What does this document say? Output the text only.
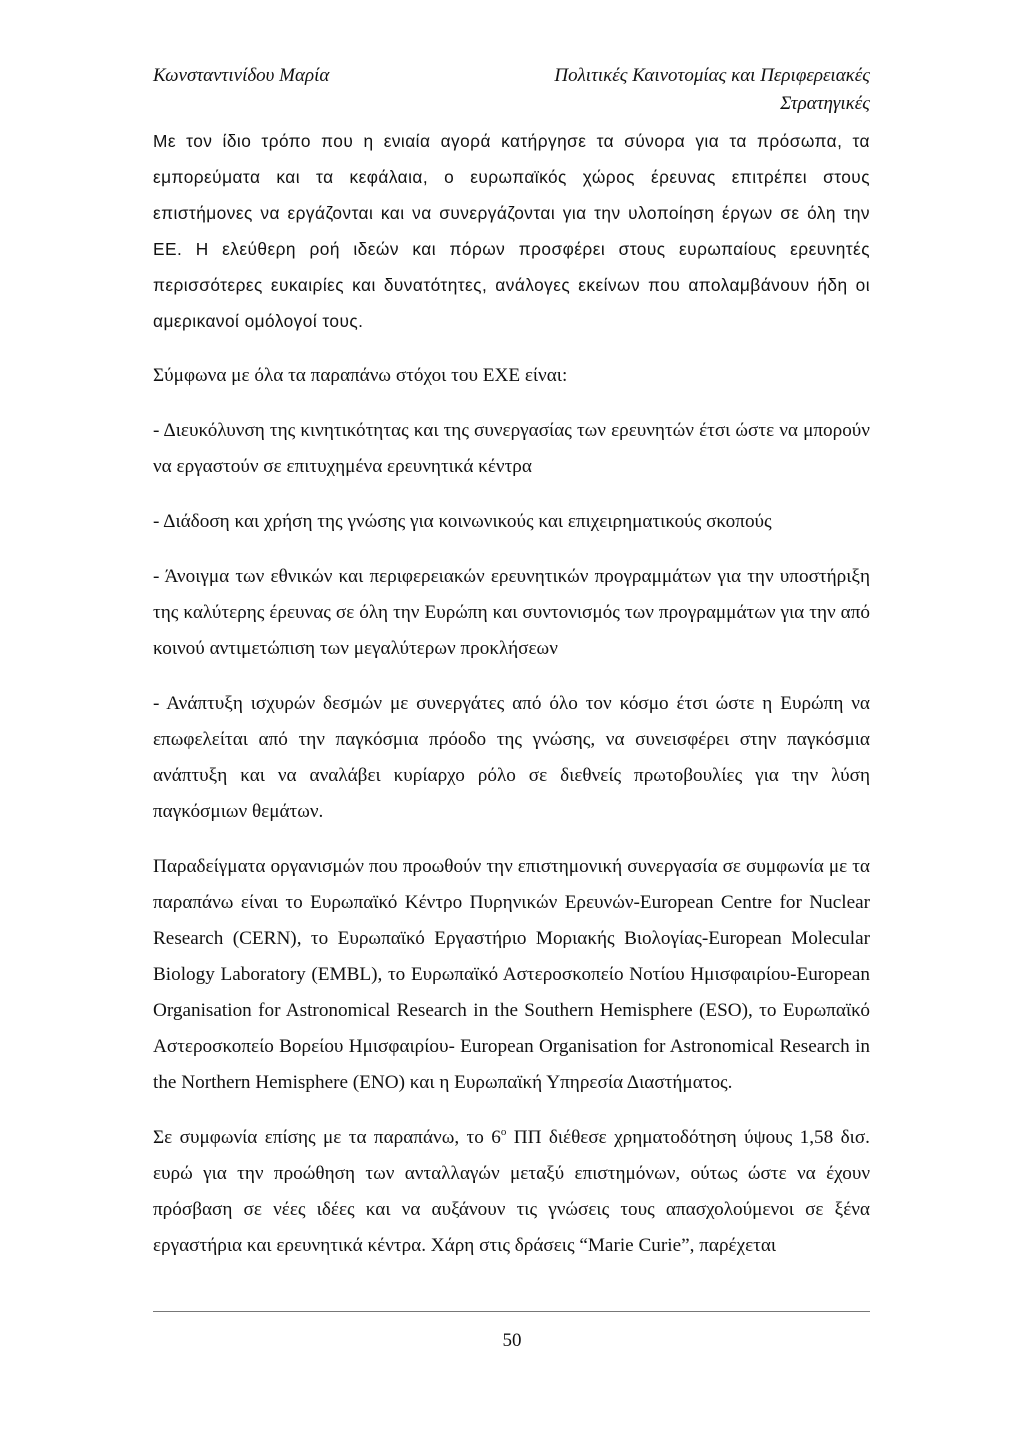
Κωνσταντινίδου Μαρία	Πολιτικές Καινοτομίας και Περιφερειακές
Στρατηγικές

Με τον ίδιο τρόπο που η ενιαία αγορά κατήργησε τα σύνορα για τα πρόσωπα, τα εμπορεύματα και τα κεφάλαια, ο ευρωπαϊκός χώρος έρευνας επιτρέπει στους επιστήμονες να εργάζονται και να συνεργάζονται για την υλοποίηση έργων σε όλη την ΕΕ. Η ελεύθερη ροή ιδεών και πόρων προσφέρει στους ευρωπαίους ερευνητές περισσότερες ευκαιρίες και δυνατότητες, ανάλογες εκείνων που απολαμβάνουν ήδη οι αμερικανοί ομόλογοί τους.

Σύμφωνα με όλα τα παραπάνω στόχοι του ΕΧΕ είναι:

- Διευκόλυνση της κινητικότητας και της συνεργασίας των ερευνητών έτσι ώστε να μπορούν να εργαστούν σε επιτυχημένα ερευνητικά κέντρα

- Διάδοση και χρήση της γνώσης για κοινωνικούς και επιχειρηματικούς σκοπούς

- Άνοιγμα των εθνικών και περιφερειακών ερευνητικών προγραμμάτων για την υποστήριξη της καλύτερης έρευνας σε όλη την Ευρώπη και συντονισμός των προγραμμάτων για την από κοινού αντιμετώπιση των μεγαλύτερων προκλήσεων

- Ανάπτυξη ισχυρών δεσμών με συνεργάτες από όλο τον κόσμο έτσι ώστε η Ευρώπη να επωφελείται από την παγκόσμια πρόοδο της γνώσης, να συνεισφέρει στην παγκόσμια ανάπτυξη και να αναλάβει κυρίαρχο ρόλο σε διεθνείς πρωτοβουλίες για την λύση παγκόσμιων θεμάτων.

Παραδείγματα οργανισμών που προωθούν την επιστημονική συνεργασία σε συμφωνία με τα παραπάνω είναι το Ευρωπαϊκό Κέντρο Πυρηνικών Ερευνών-European Centre for Nuclear Research (CERN), το Ευρωπαϊκό Εργαστήριο Μοριακής Βιολογίας-European Molecular Biology Laboratory (EMBL), το Ευρωπαϊκό Αστεροσκοπείο Νοτίου Ημισφαιρίου-European Organisation for Astronomical Research in the Southern Hemisphere (ESO), το Ευρωπαϊκό Αστεροσκοπείο Βορείου Ημισφαιρίου- European Organisation for Astronomical Research in the Northern Hemisphere (ENO) και η Ευρωπαϊκή Υπηρεσία Διαστήματος.

Σε συμφωνία επίσης με τα παραπάνω, το $6^o$ ΠΠ διέθεσε χρηματοδότηση ύψους 1,58 δισ. ευρώ για την προώθηση των ανταλλαγών μεταξύ επιστημόνων, ούτως ώστε να έχουν πρόσβαση σε νέες ιδέες και να αυξάνουν τις γνώσεις τους απασχολούμενοι σε ξένα εργαστήρια και ερευνητικά κέντρα. Χάρη στις δράσεις “Marie Curie”, παρέχεται

50
